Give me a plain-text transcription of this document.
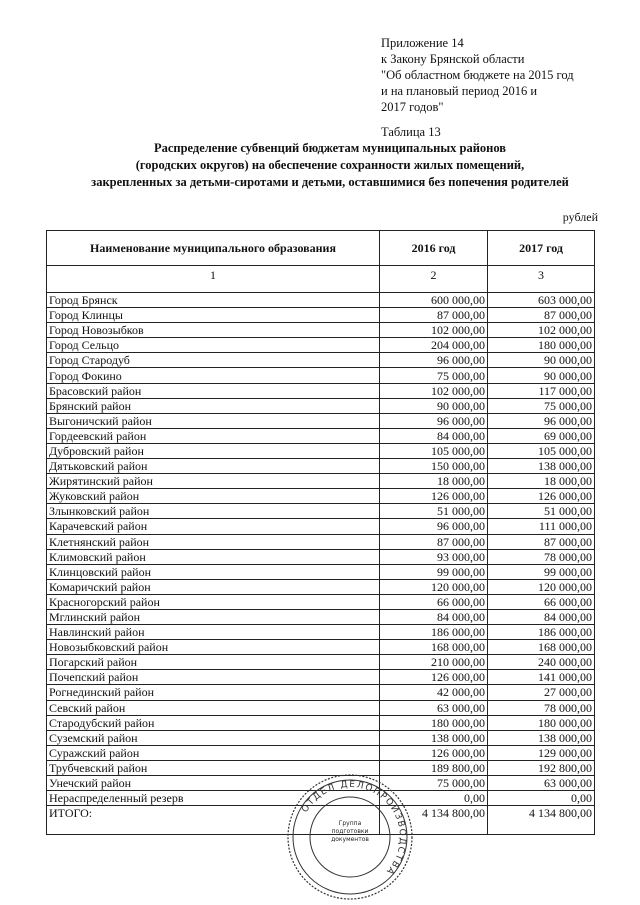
Приложение 14
к Закону Брянской области
"Об областном бюджете на 2015 год
и на плановый период 2016 и
2017 годов"
Таблица 13
Распределение субвенций бюджетам муниципальных районов
(городских округов) на обеспечение сохранности жилых помещений,
закрепленных за детьми-сиротами и детьми, оставшимися без попечения родителей
рублей
Наименование муниципального образования	2016 год	2017 год
1	2	3
Город Брянск	600 000,00	603 000,00
Город Клинцы	87 000,00	87 000,00
Город Новозыбков	102 000,00	102 000,00
Город Сельцо	204 000,00	180 000,00
Город Стародуб	96 000,00	90 000,00
Город Фокино	75 000,00	90 000,00
Брасовский район	102 000,00	117 000,00
Брянский район	90 000,00	75 000,00
Выгоничский район	96 000,00	96 000,00
Гордеевский район	84 000,00	69 000,00
Дубровский район	105 000,00	105 000,00
Дятьковский район	150 000,00	138 000,00
Жирятинский район	18 000,00	18 000,00
Жуковский район	126 000,00	126 000,00
Злынковский район	51 000,00	51 000,00
Карачевский район	96 000,00	111 000,00
Клетнянский район	87 000,00	87 000,00
Климовский район	93 000,00	78 000,00
Клинцовский район	99 000,00	99 000,00
Комаричский район	120 000,00	120 000,00
Красногорский район	66 000,00	66 000,00
Мглинский район	84 000,00	84 000,00
Навлинский район	186 000,00	186 000,00
Новозыбковский район	168 000,00	168 000,00
Погарский район	210 000,00	240 000,00
Почепский район	126 000,00	141 000,00
Рогнединский район	42 000,00	27 000,00
Севский район	63 000,00	78 000,00
Стародубский район	180 000,00	180 000,00
Суземский район	138 000,00	138 000,00
Суражский район	126 000,00	129 000,00
Трубчевский район	189 800,00	192 800,00
Унечский район	75 000,00	63 000,00
Нераспределенный резерв	0,00	0,00
ИТОГО:	4 134 800,00	4 134 800,00
ОТДЕЛ ДЕЛОПРОИЗВОДСТВА
Группа подготовки документов
